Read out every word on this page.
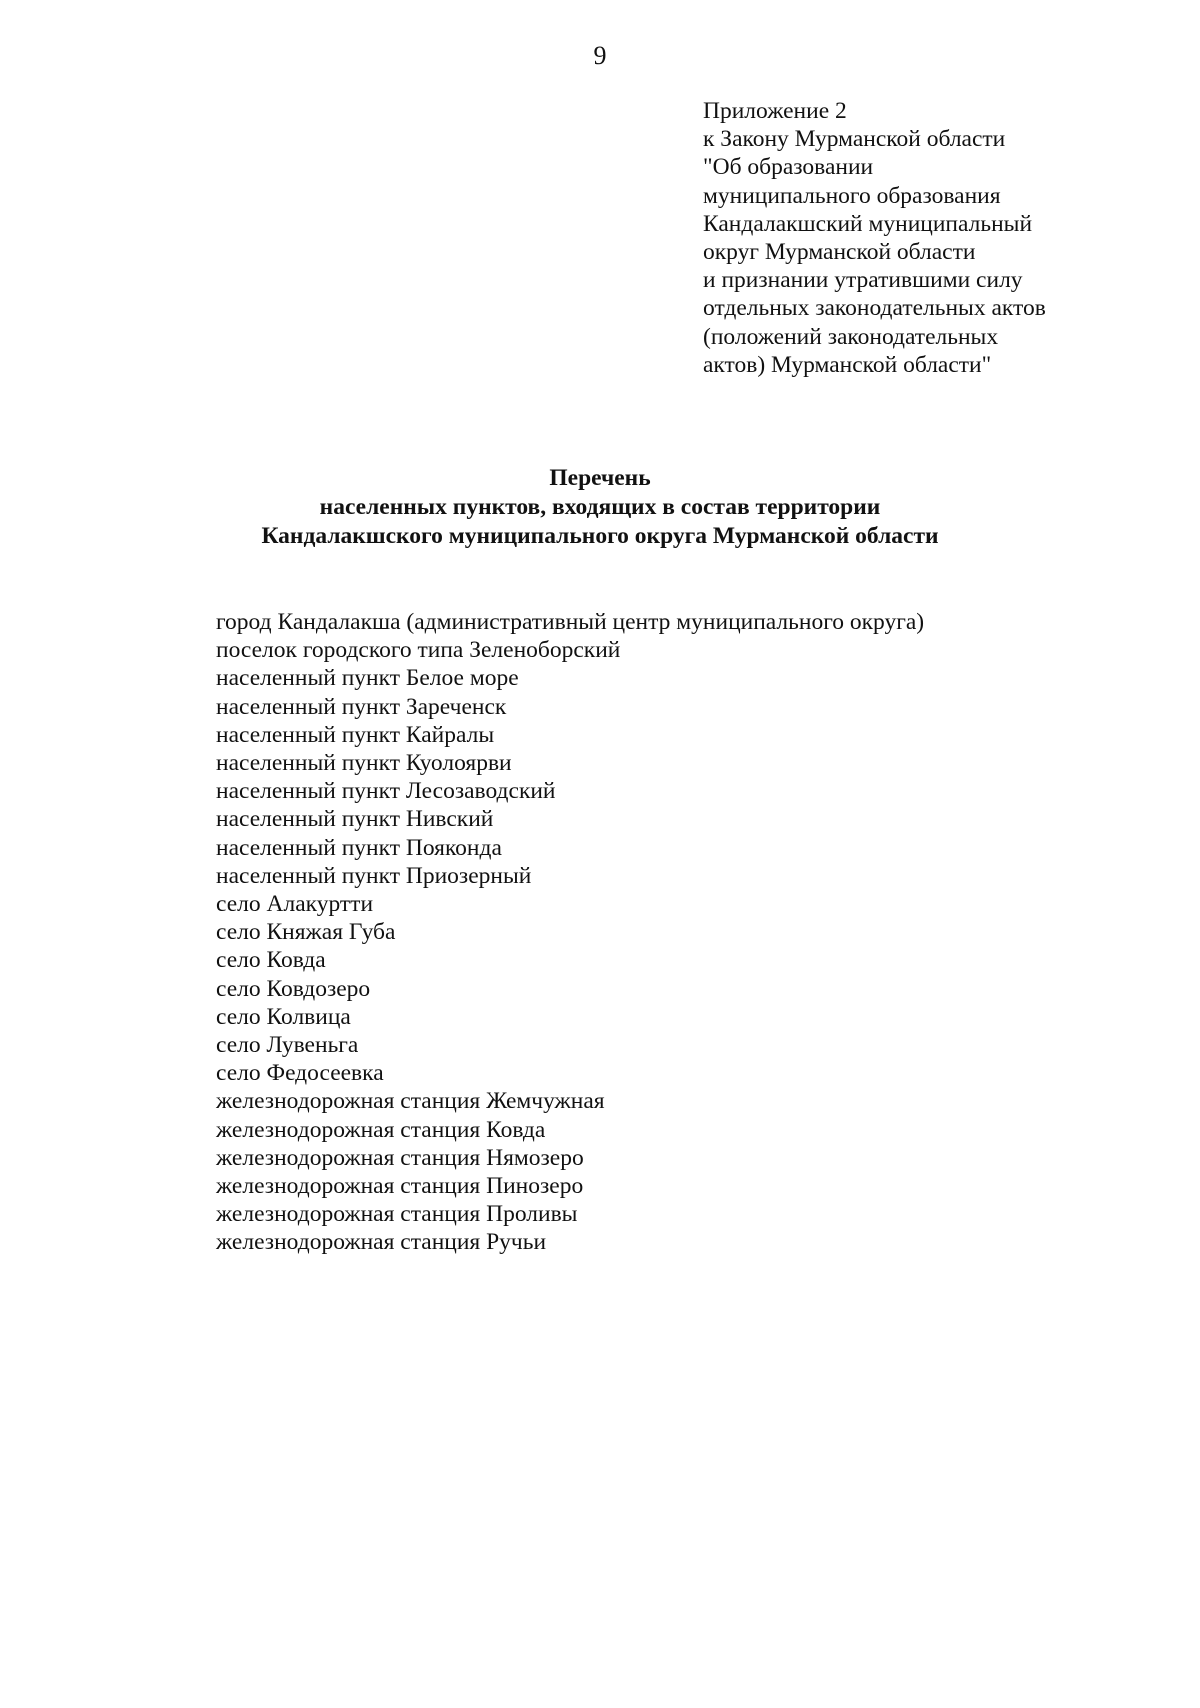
9
Приложение 2
к Закону Мурманской области
"Об образовании
муниципального образования
Кандалакшский муниципальный
округ Мурманской области
и признании утратившими силу
отдельных законодательных актов
(положений законодательных
актов) Мурманской области"
Перечень
населенных пунктов, входящих в состав территории
Кандалакшского муниципального округа Мурманской области
город Кандалакша (административный центр муниципального округа)
поселок городского типа Зеленоборский
населенный пункт Белое море
населенный пункт Зареченск
населенный пункт Кайралы
населенный пункт Куолоярви
населенный пункт Лесозаводский
населенный пункт Нивский
населенный пункт Пояконда
населенный пункт Приозерный
село Алакуртти
село Княжая Губа
село Ковда
село Ковдозеро
село Колвица
село Лувеньга
село Федосеевка
железнодорожная станция Жемчужная
железнодорожная станция Ковда
железнодорожная станция Нямозеро
железнодорожная станция Пинозеро
железнодорожная станция Проливы
железнодорожная станция Ручьи
